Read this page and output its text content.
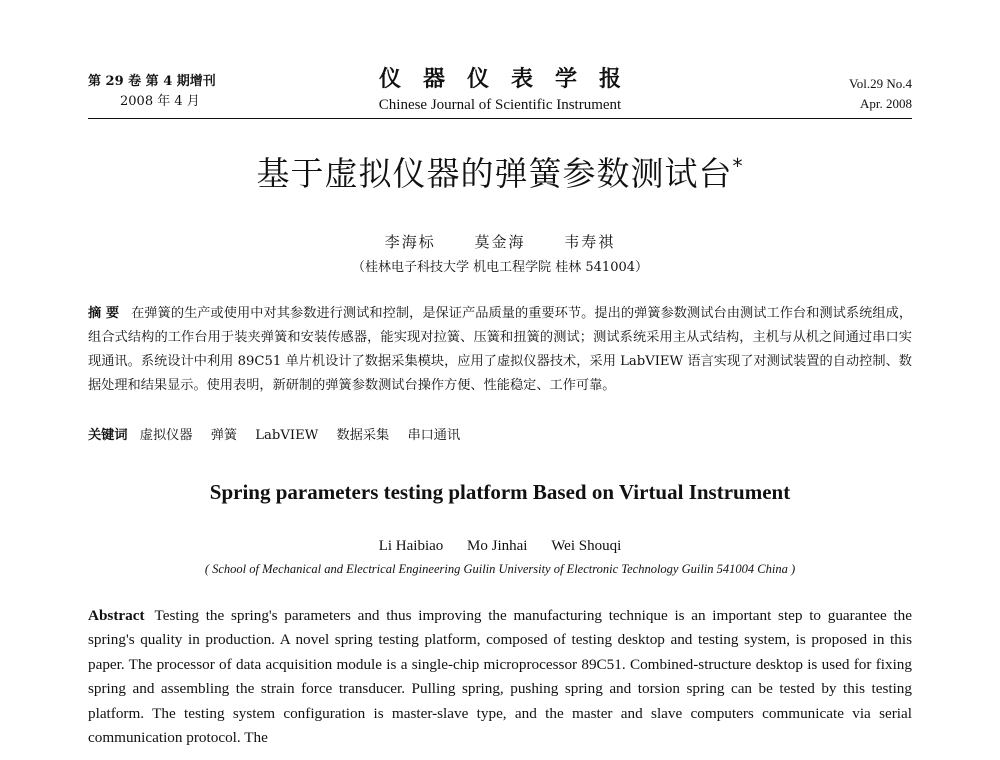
第 29 卷 第 4 期增刊
2008 年 4 月
仪器仪表学报
Chinese Journal of Scientific Instrument
Vol.29 No.4
Apr. 2008
基于虚拟仪器的弹簧参数测试台*
李海标	莫金海	韦寿祺
（桂林电子科技大学 机电工程学院 桂林 541004）
摘 要 在弹簧的生产或使用中对其参数进行测试和控制，是保证产品质量的重要环节。提出的弹簧参数测试台由测试工作台和测试系统组成，组合式结构的工作台用于装夹弹簧和安装传感器，能实现对拉簧、压簧和扭簧的测试；测试系统采用主从式结构，主机与从机之间通过串口实现通讯。系统设计中利用 89C51 单片机设计了数据采集模块，应用了虚拟仪器技术，采用 LabVIEW 语言实现了对测试装置的自动控制、数据处理和结果显示。使用表明，新研制的弹簧参数测试台操作方便、性能稳定、工作可靠。
关键词 虚拟仪器 弹簧 LabVIEW 数据采集 串口通讯
Spring parameters testing platform Based on Virtual Instrument
Li Haibiao Mo Jinhai Wei Shouqi
( School of Mechanical and Electrical Engineering Guilin University of Electronic Technology Guilin 541004 China )
Abstract Testing the spring's parameters and thus improving the manufacturing technique is an important step to guarantee the spring's quality in production. A novel spring testing platform, composed of testing desktop and testing system, is proposed in this paper. The processor of data acquisition module is a single-chip microprocessor 89C51. Combined-structure desktop is used for fixing spring and assembling the strain force transducer. Pulling spring, pushing spring and torsion spring can be tested by this testing platform. The testing system configuration is master-slave type, and the master and slave computers communicate via serial communication protocol. The
